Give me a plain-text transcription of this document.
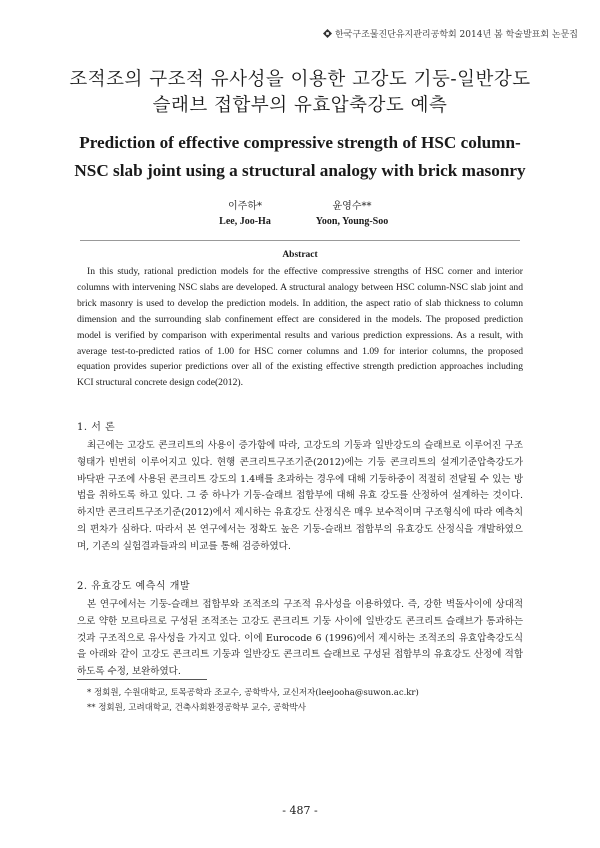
한국구조물진단유지관리공학회 2014년 봄 학술발표회 논문집
조적조의 구조적 유사성을 이용한 고강도 기둥-일반강도
슬래브 접합부의 유효압축강도 예측
Prediction of effective compressive strength of HSC column-
NSC slab joint using a structural analogy with brick masonry
이주하*
Lee, Joo-Ha
윤영수**
Yoon, Young-Soo
Abstract

In this study, rational prediction models for the effective compressive strengths of HSC corner and interior columns with intervening NSC slabs are developed. A structural analogy between HSC column-NSC slab joint and brick masonry is used to develop the prediction models. In addition, the aspect ratio of slab thickness to column dimension and the surrounding slab confinement effect are considered in the models. The proposed prediction model is verified by comparison with experimental results and various prediction expressions. As a result, with average test-to-predicted ratios of 1.00 for HSC corner columns and 1.09 for interior columns, the proposed equation provides superior predictions over all of the existing effective strength prediction approaches including KCI structural concrete design code(2012).

1. 서 론

최근에는 고강도 콘크리트의 사용이 증가함에 따라, 고강도의 기둥과 일반강도의 슬래브로 이루어진 구조형태가 빈번히 이루어지고 있다. 현행 콘크리트구조기준(2012)에는 기둥 콘크리트의 설계기준압축강도가 바닥판 구조에 사용된 콘크리트 강도의 1.4배를 초과하는 경우에 대해 기둥하중이 적절히 전달될 수 있는 방법을 취하도록 하고 있다. 그 중 하나가 기둥-슬래브 접합부에 대해 유효 강도를 산정하여 설계하는 것이다. 하지만 콘크리트구조기준(2012)에서 제시하는 유효강도 산정식은 매우 보수적이며 구조형식에 따라 예측치의 편차가 심하다. 따라서 본 연구에서는 정확도 높은 기둥-슬래브 접합부의 유효강도 산정식을 개발하였으며, 기존의 실험결과들과의 비교를 통해 검증하였다.

2. 유효강도 예측식 개발

본 연구에서는 기둥-슬래브 접합부와 조적조의 구조적 유사성을 이용하였다. 즉, 강한 벽돌사이에 상대적으로 약한 모르타르로 구성된 조적조는 고강도 콘크리트 기둥 사이에 일반강도 콘크리트 슬래브가 통과하는 것과 구조적으로 유사성을 가지고 있다. 이에 Eurocode 6 (1996)에서 제시하는 조적조의 유효압축강도식을 아래와 같이 고강도 콘크리트 기둥과 일반강도 콘크리트 슬래브로 구성된 접합부의 유효강도 산정에 적합하도록 수정, 보완하였다.

* 정회원, 수원대학교, 토목공학과 조교수, 공학박사, 교신저자(leejooha@suwon.ac.kr)
** 정회원, 고려대학교, 건축사회환경공학부 교수, 공학박사
- 487 -
